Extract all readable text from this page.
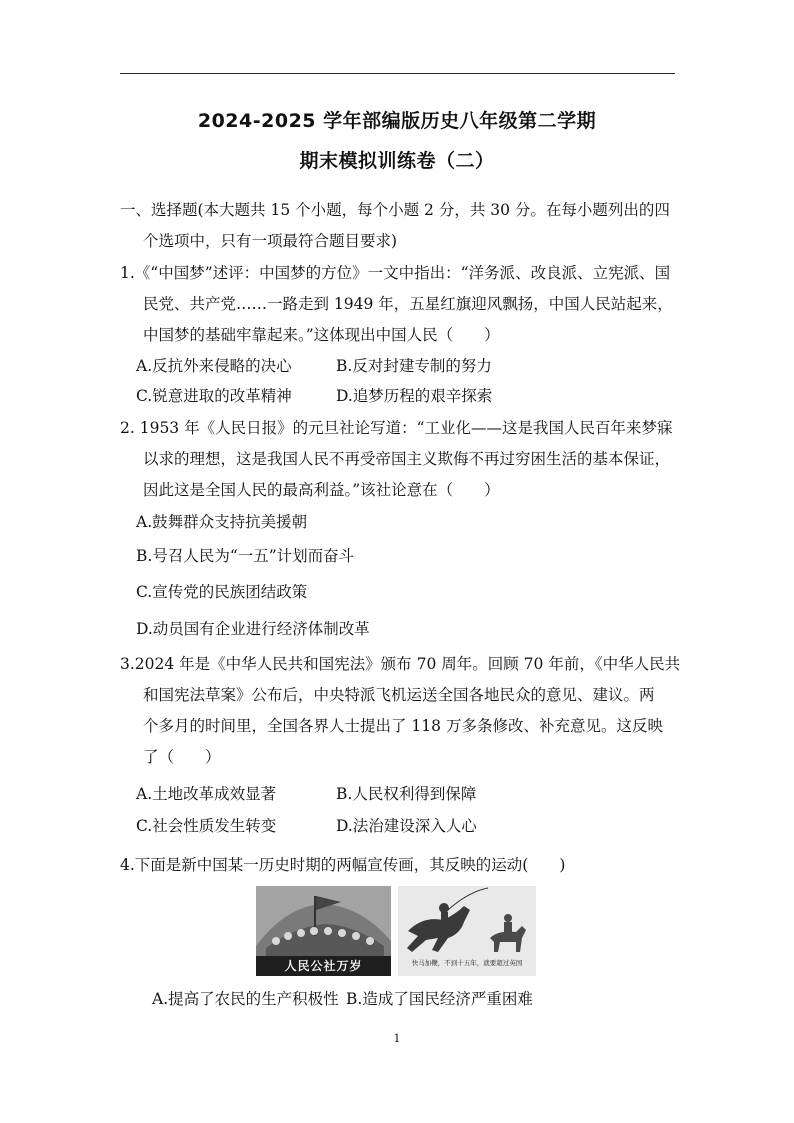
2024-2025 学年部编版历史八年级第二学期
期末模拟训练卷（二）
一、选择题(本大题共 15 个小题，每个小题 2 分，共 30 分。在每小题列出的四
个选项中，只有一项最符合题目要求)
1.《“中国梦”述评：中国梦的方位》一文中指出：“洋务派、改良派、立宪派、国
民党、共产党……一路走到 1949 年，五星红旗迎风飘扬，中国人民站起来，
中国梦的基础牢靠起来。”这体现出中国人民（　　）
A.反抗外来侵略的决心	B.反对封建专制的努力
C.锐意进取的改革精神	D.追梦历程的艰辛探索
2. 1953 年《人民日报》的元旦社论写道：“工业化——这是我国人民百年来梦寐
以求的理想，这是我国人民不再受帝国主义欺侮不再过穷困生活的基本保证，
因此这是全国人民的最高利益。”该社论意在（　　）
A.鼓舞群众支持抗美援朝
B.号召人民为“一五”计划而奋斗
C.宣传党的民族团结政策
D.动员国有企业进行经济体制改革
3.2024 年是《中华人民共和国宪法》颁布 70 周年。回顾 70 年前，《中华人民共
和国宪法草案》公布后，中央特派飞机运送全国各地民众的意见、建议。两
个多月的时间里，全国各界人士提出了 118 万多条修改、补充意见。这反映
了（　　）
A.土地改革成效显著	B.人民权利得到保障
C.社会性质发生转变	D.法治建设深入人心
4.下面是新中国某一历史时期的两幅宣传画，其反映的运动(　　)
人民公社万岁	快马加鞭，不到十五年，就要超过英国
A.提高了农民的生产积极性 B.造成了国民经济严重困难
1
